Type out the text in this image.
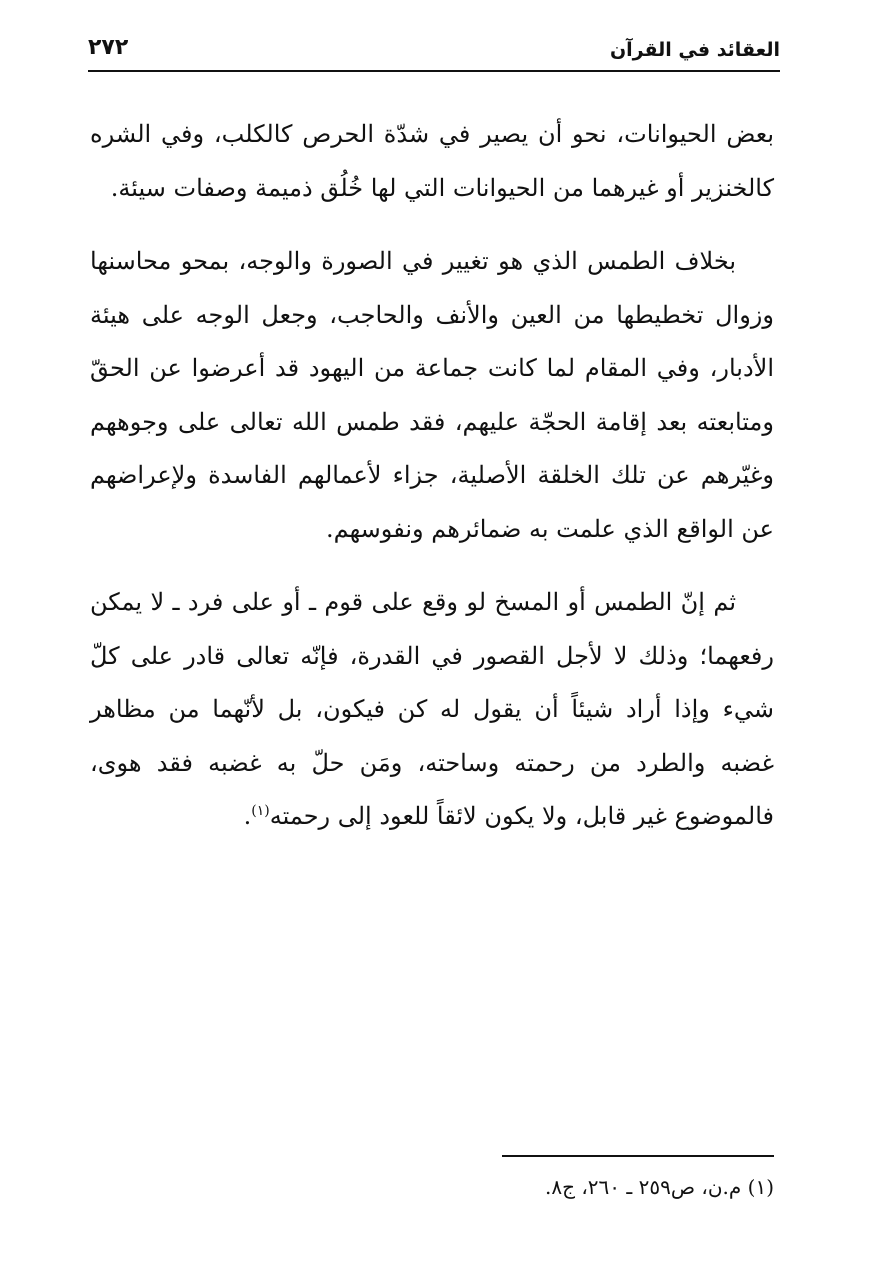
العقائد في القرآن
٢٧٢

بعض الحيوانات، نحو أن يصير في شدّة الحرص كالكلب، وفي الشره كالخنزير أو غيرهما من الحيوانات التي لها خُلُق ذميمة وصفات سيئة.

بخلاف الطمس الذي هو تغيير في الصورة والوجه، بمحو محاسنها وزوال تخطيطها من العين والأنف والحاجب، وجعل الوجه على هيئة الأدبار، وفي المقام لما كانت جماعة من اليهود قد أعرضوا عن الحقّ ومتابعته بعد إقامة الحجّة عليهم، فقد طمس الله تعالى على وجوههم وغيّرهم عن تلك الخلقة الأصلية، جزاء لأعمالهم الفاسدة ولإعراضهم عن الواقع الذي علمت به ضمائرهم ونفوسهم.

ثم إنّ الطمس أو المسخ لو وقع على قوم ـ أو على فرد ـ لا يمكن رفعهما؛ وذلك لا لأجل القصور في القدرة، فإنّه تعالى قادر على كلّ شيء وإذا أراد شيئاً أن يقول له كن فيكون، بل لأنّهما من مظاهر غضبه والطرد من رحمته وساحته، ومَن حلّ به غضبه فقد هوى، فالموضوع غير قابل، ولا يكون لائقاً للعود إلى رحمته$^{(١)}$.

(١) م.ن، ص٢٥٩ ـ ٢٦٠، ج٨.
